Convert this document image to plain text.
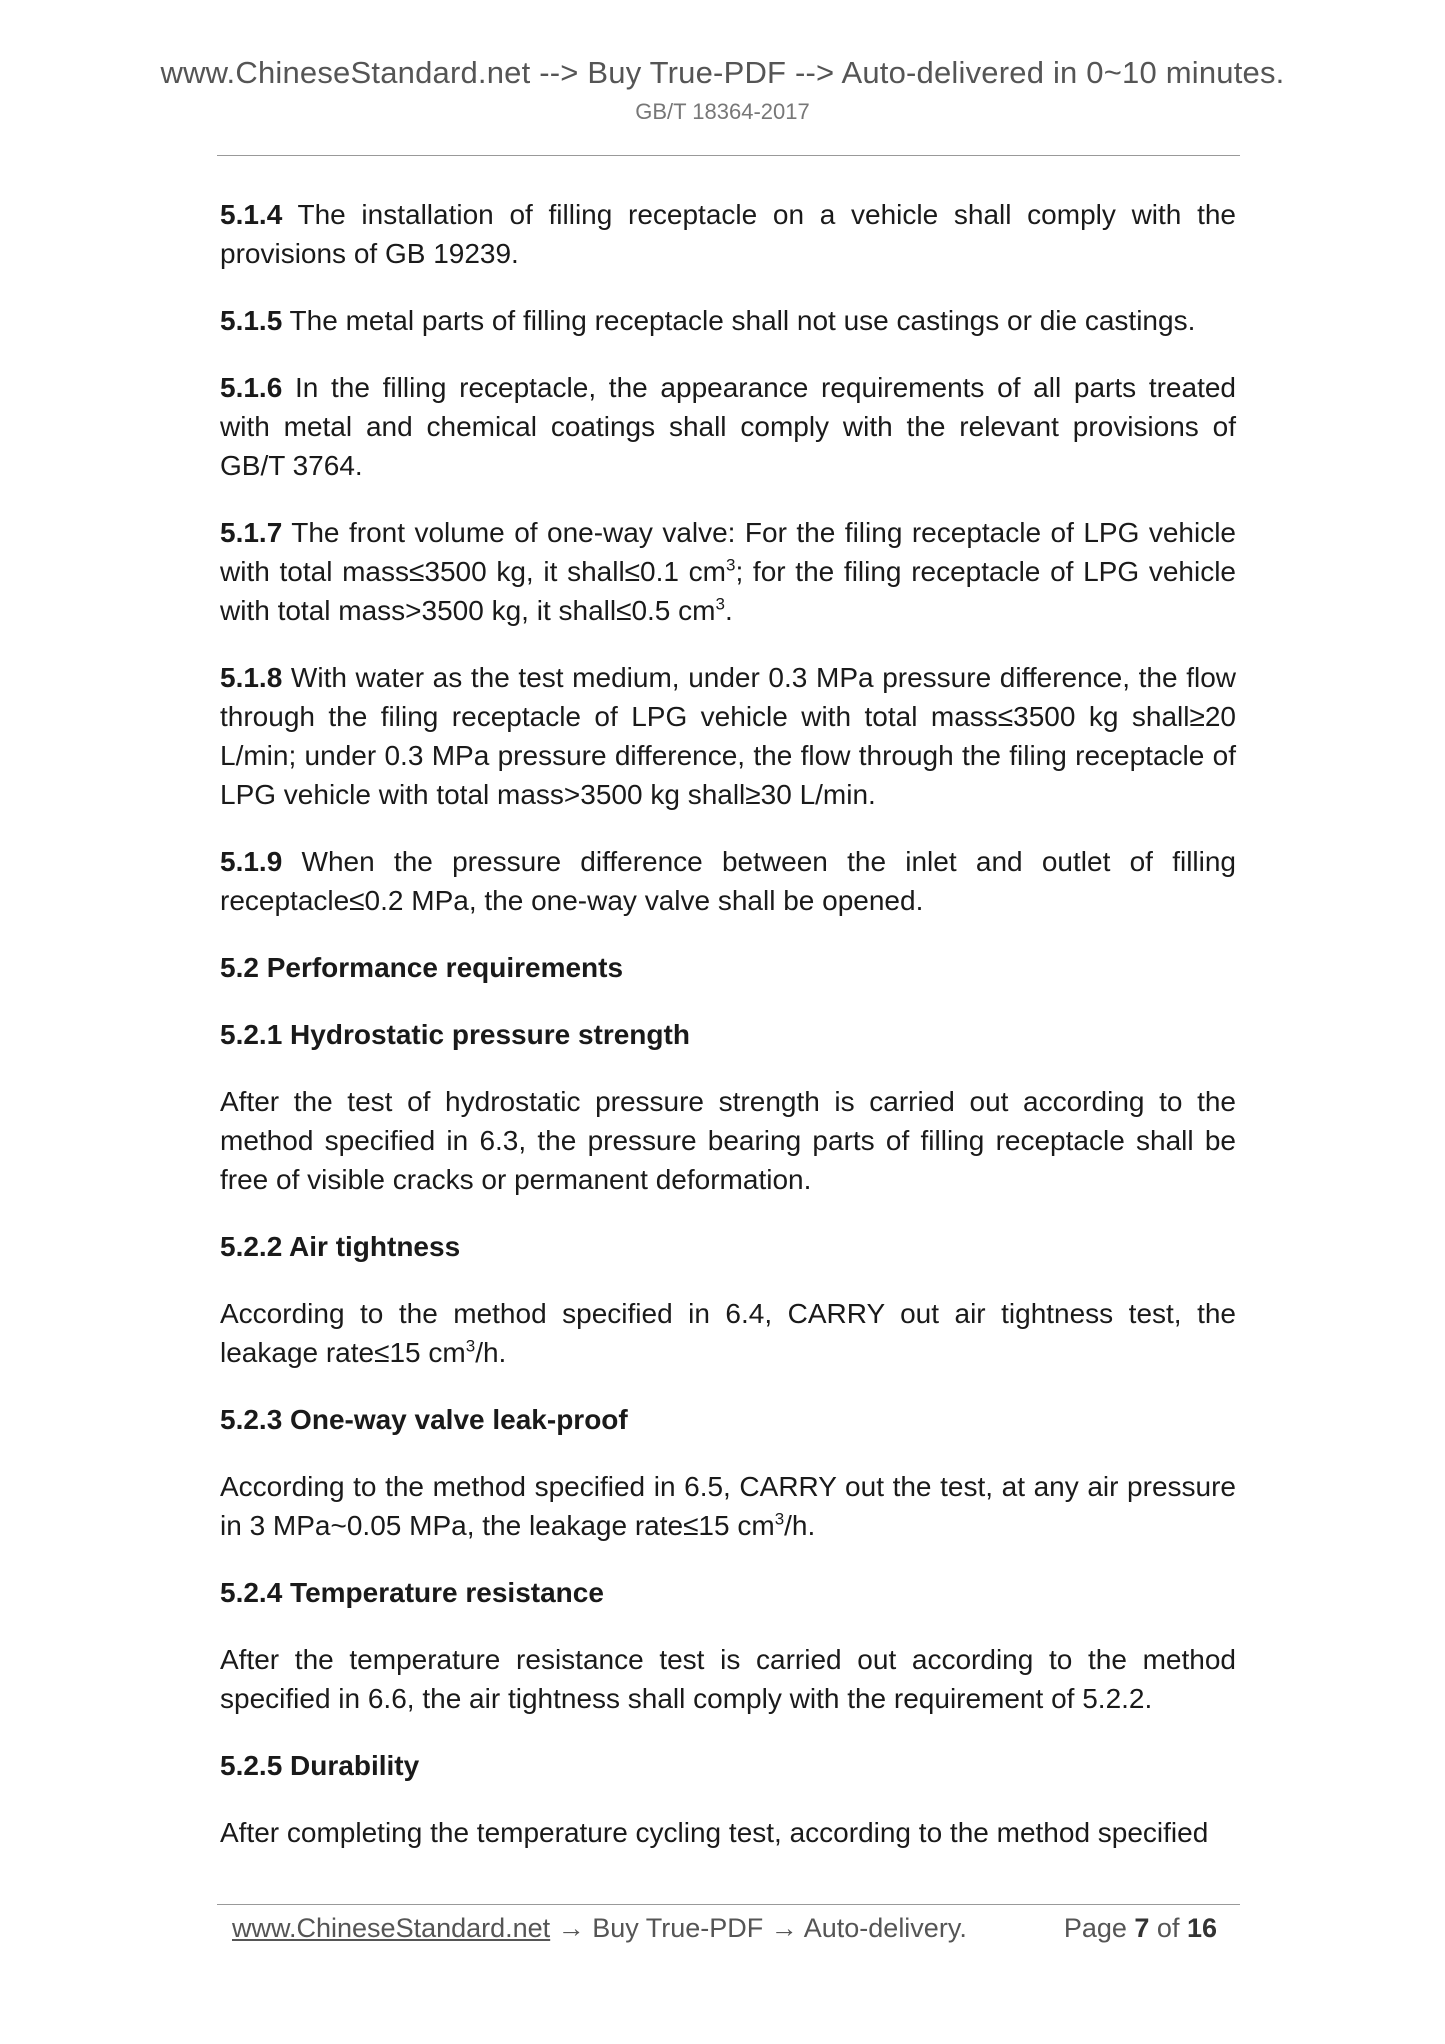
www.ChineseStandard.net --> Buy True-PDF --> Auto-delivered in 0~10 minutes.
GB/T 18364-2017

5.1.4 The installation of filling receptacle on a vehicle shall comply with the provisions of GB 19239.

5.1.5 The metal parts of filling receptacle shall not use castings or die castings.

5.1.6 In the filling receptacle, the appearance requirements of all parts treated with metal and chemical coatings shall comply with the relevant provisions of GB/T 3764.

5.1.7 The front volume of one-way valve: For the filing receptacle of LPG vehicle with total mass≤3500 kg, it shall≤0.1 $cm^3$; for the filing receptacle of LPG vehicle with total mass>3500 kg, it shall≤0.5 $cm^3$.

5.1.8 With water as the test medium, under 0.3 MPa pressure difference, the flow through the filing receptacle of LPG vehicle with total mass≤3500 kg shall≥20 L/min; under 0.3 MPa pressure difference, the flow through the filing receptacle of LPG vehicle with total mass>3500 kg shall≥30 L/min.

5.1.9 When the pressure difference between the inlet and outlet of filling receptacle≤0.2 MPa, the one-way valve shall be opened.

5.2 Performance requirements
5.2.1 Hydrostatic pressure strength

After the test of hydrostatic pressure strength is carried out according to the method specified in 6.3, the pressure bearing parts of filling receptacle shall be free of visible cracks or permanent deformation.

5.2.2 Air tightness

According to the method specified in 6.4, CARRY out air tightness test, the leakage rate≤15 $cm^3/h$.

5.2.3 One-way valve leak-proof

According to the method specified in 6.5, CARRY out the test, at any air pressure in 3 MPa~0.05 MPa, the leakage rate≤15 $cm^3/h$.

5.2.4 Temperature resistance

After the temperature resistance test is carried out according to the method specified in 6.6, the air tightness shall comply with the requirement of 5.2.2.

5.2.5 Durability

After completing the temperature cycling test, according to the method specified

www.ChineseStandard.net → Buy True-PDF → Auto-delivery.	Page 7 of 16
